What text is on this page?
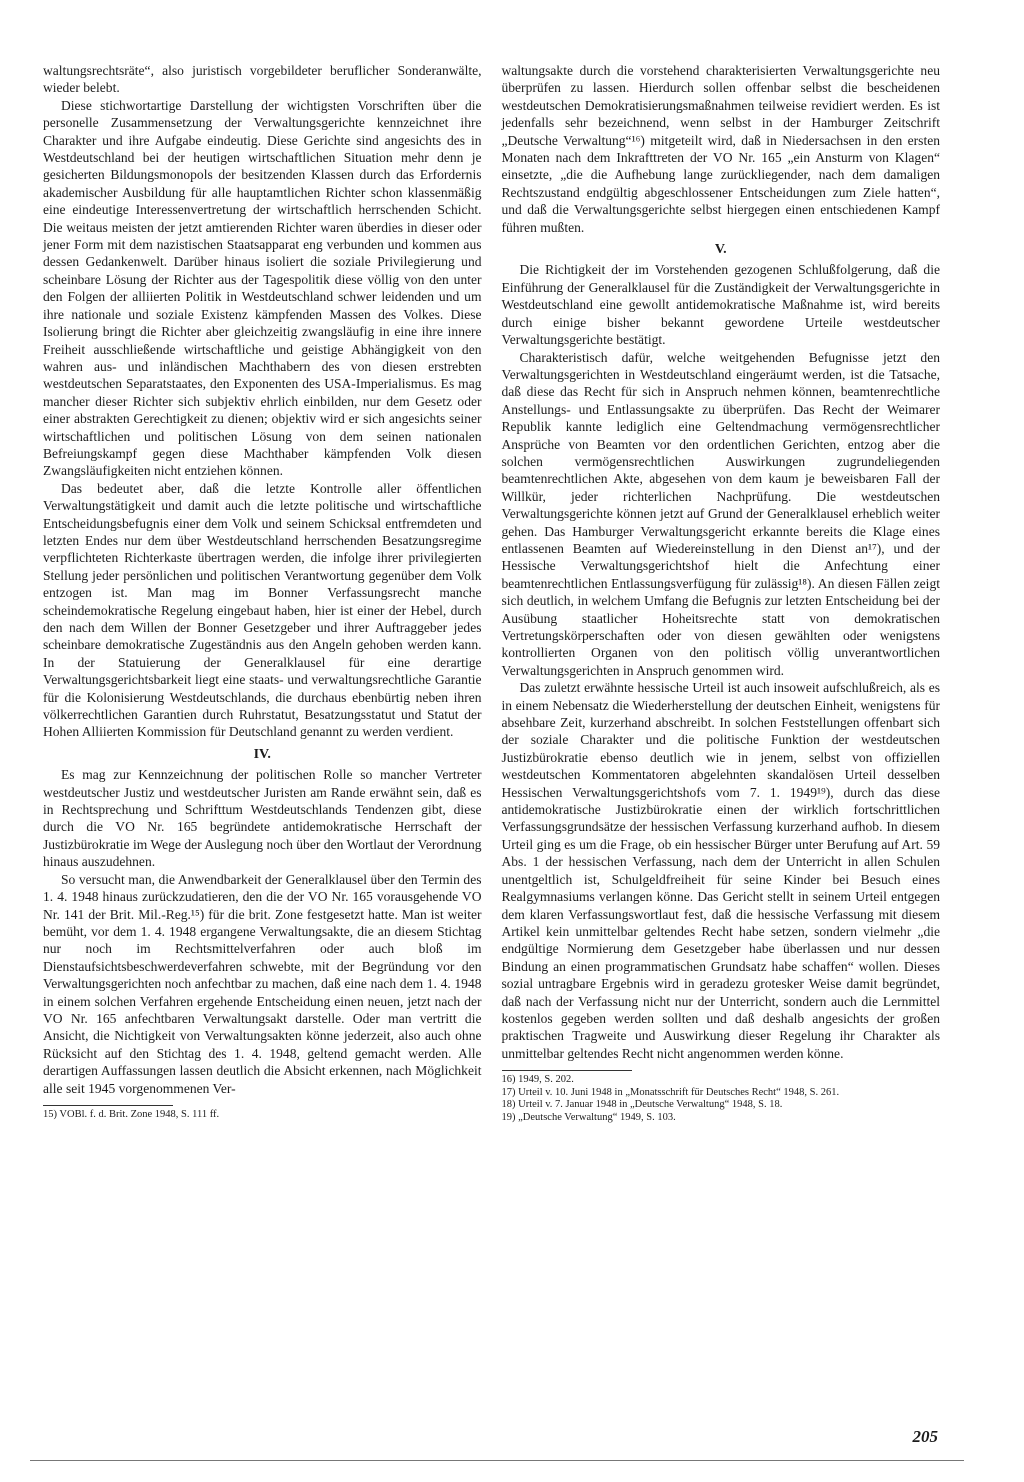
waltungsrechtsräte“, also juristisch vorgebildeter beruflicher Sonderanwälte, wieder belebt.

Diese stichwortartige Darstellung der wichtigsten Vorschriften über die personelle Zusammensetzung der Verwaltungsgerichte kennzeichnet ihre Charakter und ihre Aufgabe eindeutig. Diese Gerichte sind angesichts des in Westdeutschland bei der heutigen wirtschaftlichen Situation mehr denn je gesicherten Bildungsmonopols der besitzenden Klassen durch das Erfordernis akademischer Ausbildung für alle hauptamtlichen Richter schon klassenmäßig eine eindeutige Interessenvertretung der wirtschaftlich herrschenden Schicht. Die weitaus meisten der jetzt amtierenden Richter waren überdies in dieser oder jener Form mit dem nazistischen Staatsapparat eng verbunden und kommen aus dessen Gedankenwelt. Darüber hinaus isoliert die soziale Privilegierung und scheinbare Lösung der Richter aus der Tagespolitik diese völlig von den unter den Folgen der alliierten Politik in Westdeutschland schwer leidenden und um ihre nationale und soziale Existenz kämpfenden Massen des Volkes. Diese Isolierung bringt die Richter aber gleichzeitig zwangsläufig in eine ihre innere Freiheit ausschließende wirtschaftliche und geistige Abhängigkeit von den wahren aus- und inländischen Machthabern des von diesen erstrebten westdeutschen Separatstaates, den Exponenten des USA-Imperialismus. Es mag mancher dieser Richter sich subjektiv ehrlich einbilden, nur dem Gesetz oder einer abstrakten Gerechtigkeit zu dienen; objektiv wird er sich angesichts seiner wirtschaftlichen und politischen Lösung von dem seinen nationalen Befreiungskampf gegen diese Machthaber kämpfenden Volk diesen Zwangsläufigkeiten nicht entziehen können.

Das bedeutet aber, daß die letzte Kontrolle aller öffentlichen Verwaltungstätigkeit und damit auch die letzte politische und wirtschaftliche Entscheidungsbefugnis einer dem Volk und seinem Schicksal entfremdeten und letzten Endes nur dem über Westdeutschland herrschenden Besatzungsregime verpflichteten Richterkaste übertragen werden, die infolge ihrer privilegierten Stellung jeder persönlichen und politischen Verantwortung gegenüber dem Volk entzogen ist. Man mag im Bonner Verfassungsrecht manche scheindemokratische Regelung eingebaut haben, hier ist einer der Hebel, durch den nach dem Willen der Bonner Gesetzgeber und ihrer Auftraggeber jedes scheinbare demokratische Zugeständnis aus den Angeln gehoben werden kann. In der Statuierung der Generalklausel für eine derartige Verwaltungsgerichtsbarkeit liegt eine staats- und verwaltungsrechtliche Garantie für die Kolonisierung Westdeutschlands, die durchaus ebenbürtig neben ihren völkerrechtlichen Garantien durch Ruhrstatut, Besatzungsstatut und Statut der Hohen Alliierten Kommission für Deutschland genannt zu werden verdient.

IV.

Es mag zur Kennzeichnung der politischen Rolle so mancher Vertreter westdeutscher Justiz und westdeutscher Juristen am Rande erwähnt sein, daß es in Rechtsprechung und Schrifttum Westdeutschlands Tendenzen gibt, diese durch die VO Nr. 165 begründete antidemokratische Herrschaft der Justizbürokratie im Wege der Auslegung noch über den Wortlaut der Verordnung hinaus auszudehnen.

So versucht man, die Anwendbarkeit der Generalklausel über den Termin des 1. 4. 1948 hinaus zurückzudatieren, den die der VO Nr. 165 vorausgehende VO Nr. 141 der Brit. Mil.-Reg.¹⁵) für die brit. Zone festgesetzt hatte. Man ist weiter bemüht, vor dem 1. 4. 1948 ergangene Verwaltungsakte, die an diesem Stichtag nur noch im Rechtsmittelverfahren oder auch bloß im Dienstaufsichtsbeschwerdeverfahren schwebte, mit der Begründung vor den Verwaltungsgerichten noch anfechtbar zu machen, daß eine nach dem 1. 4. 1948 in einem solchen Verfahren ergehende Entscheidung einen neuen, jetzt nach der VO Nr. 165 anfechtbaren Verwaltungsakt darstelle. Oder man vertritt die Ansicht, die Nichtigkeit von Verwaltungsakten könne jederzeit, also auch ohne Rücksicht auf den Stichtag des 1. 4. 1948, geltend gemacht werden. Alle derartigen Auffassungen lassen deutlich die Absicht erkennen, nach Möglichkeit alle seit 1945 vorgenommenen Ver-

15) VOBl. f. d. Brit. Zone 1948, S. 111 ff.

waltungsakte durch die vorstehend charakterisierten Verwaltungsgerichte neu überprüfen zu lassen. Hierdurch sollen offenbar selbst die bescheidenen westdeutschen Demokratisierungsmaßnahmen teilweise revidiert werden. Es ist jedenfalls sehr bezeichnend, wenn selbst in der Hamburger Zeitschrift „Deutsche Verwaltung“¹⁶) mitgeteilt wird, daß in Niedersachsen in den ersten Monaten nach dem Inkrafttreten der VO Nr. 165 „ein Ansturm von Klagen“ einsetzte, „die die Aufhebung lange zurückliegender, nach dem damaligen Rechtszustand endgültig abgeschlossener Entscheidungen zum Ziele hatten“, und daß die Verwaltungsgerichte selbst hiergegen einen entschiedenen Kampf führen mußten.

V.

Die Richtigkeit der im Vorstehenden gezogenen Schlußfolgerung, daß die Einführung der Generalklausel für die Zuständigkeit der Verwaltungsgerichte in Westdeutschland eine gewollt antidemokratische Maßnahme ist, wird bereits durch einige bisher bekannt gewordene Urteile westdeutscher Verwaltungsgerichte bestätigt.

Charakteristisch dafür, welche weitgehenden Befugnisse jetzt den Verwaltungsgerichten in Westdeutschland eingeräumt werden, ist die Tatsache, daß diese das Recht für sich in Anspruch nehmen können, beamtenrechtliche Anstellungs- und Entlassungsakte zu überprüfen. Das Recht der Weimarer Republik kannte lediglich eine Geltendmachung vermögensrechtlicher Ansprüche von Beamten vor den ordentlichen Gerichten, entzog aber die solchen vermögensrechtlichen Auswirkungen zugrundeliegenden beamtenrechtlichen Akte, abgesehen von dem kaum je beweisbaren Fall der Willkür, jeder richterlichen Nachprüfung. Die westdeutschen Verwaltungsgerichte können jetzt auf Grund der Generalklausel erheblich weiter gehen. Das Hamburger Verwaltungsgericht erkannte bereits die Klage eines entlassenen Beamten auf Wiedereinstellung in den Dienst an¹⁷), und der Hessische Verwaltungsgerichtshof hielt die Anfechtung einer beamtenrechtlichen Entlassungsverfügung für zulässig¹⁸). An diesen Fällen zeigt sich deutlich, in welchem Umfang die Befugnis zur letzten Entscheidung bei der Ausübung staatlicher Hoheitsrechte statt von demokratischen Vertretungskörperschaften oder von diesen gewählten oder wenigstens kontrollierten Organen von den politisch völlig unverantwortlichen Verwaltungsgerichten in Anspruch genommen wird.

Das zuletzt erwähnte hessische Urteil ist auch insoweit aufschlußreich, als es in einem Nebensatz die Wiederherstellung der deutschen Einheit, wenigstens für absehbare Zeit, kurzerhand abschreibt. In solchen Feststellungen offenbart sich der soziale Charakter und die politische Funktion der westdeutschen Justizbürokratie ebenso deutlich wie in jenem, selbst von offiziellen westdeutschen Kommentatoren abgelehnten skandalösen Urteil desselben Hessischen Verwaltungsgerichtshofs vom 7. 1. 1949¹⁹), durch das diese antidemokratische Justizbürokratie einen der wirklich fortschrittlichen Verfassungsgrundsätze der hessischen Verfassung kurzerhand aufhob. In diesem Urteil ging es um die Frage, ob ein hessischer Bürger unter Berufung auf Art. 59 Abs. 1 der hessischen Verfassung, nach dem der Unterricht in allen Schulen unentgeltlich ist, Schulgeldfreiheit für seine Kinder bei Besuch eines Realgymnasiums verlangen könne. Das Gericht stellt in seinem Urteil entgegen dem klaren Verfassungswortlaut fest, daß die hessische Verfassung mit diesem Artikel kein unmittelbar geltendes Recht habe setzen, sondern vielmehr „die endgültige Normierung dem Gesetzgeber habe überlassen und nur dessen Bindung an einen programmatischen Grundsatz habe schaffen“ wollen. Dieses sozial untragbare Ergebnis wird in geradezu grotesker Weise damit begründet, daß nach der Verfassung nicht nur der Unterricht, sondern auch die Lernmittel kostenlos gegeben werden sollten und daß deshalb angesichts der großen praktischen Tragweite und Auswirkung dieser Regelung ihr Charakter als unmittelbar geltendes Recht nicht angenommen werden könne.

16) 1949, S. 202.

17) Urteil v. 10. Juni 1948 in „Monatsschrift für Deutsches Recht“ 1948, S. 261.

18) Urteil v. 7. Januar 1948 in „Deutsche Verwaltung“ 1948, S. 18.

19) „Deutsche Verwaltung“ 1949, S. 103.

205
